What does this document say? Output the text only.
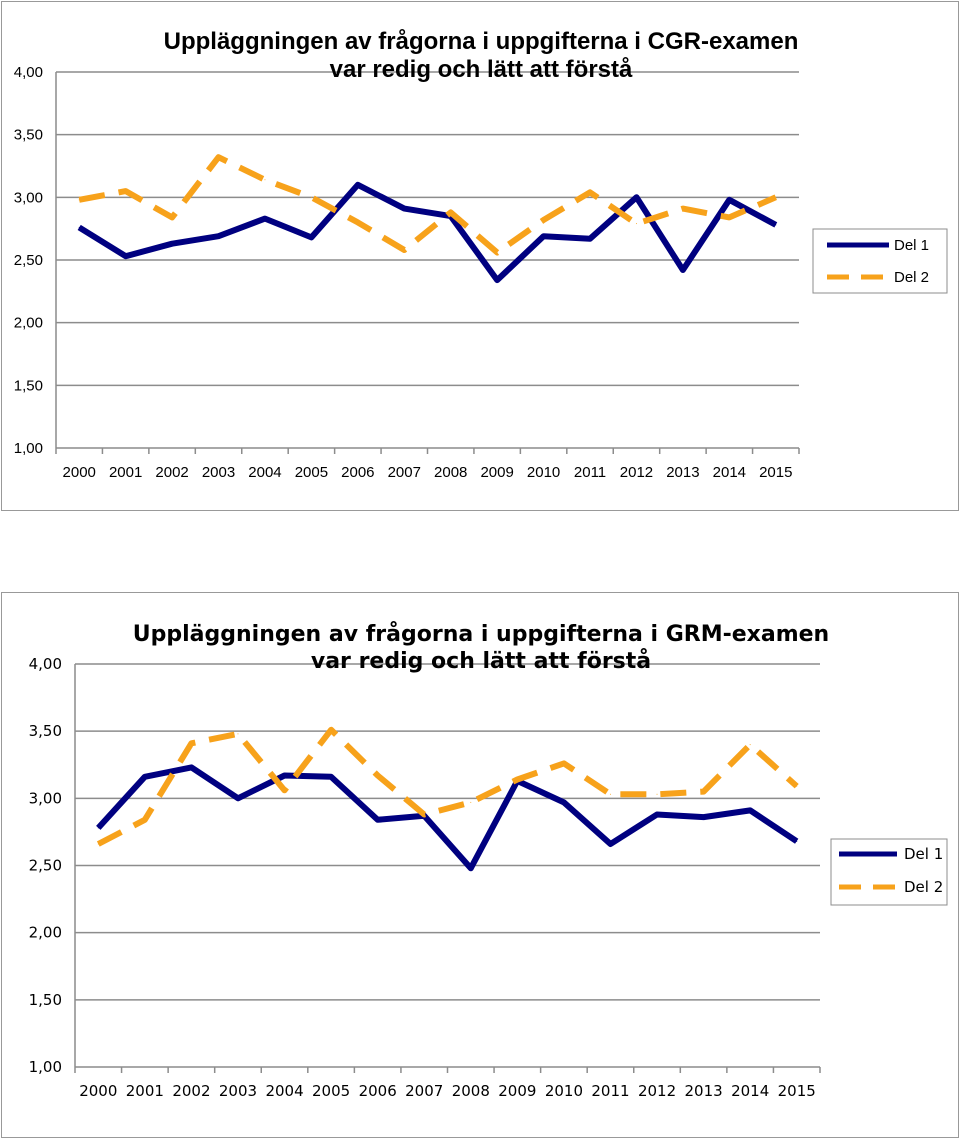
1,00
1,50
2,00
2,50
3,00
3,50
4,00
2000 2001 2002 2003 2004 2005 2006 2007 2008 2009 2010 2011 2012 2013 2014 2015
Uppläggningen av frågorna i uppgifterna i CGR-examen
var redig och lätt att förstå
Del 1
Del 2
1,00
1,50
2,00
2,50
3,00
3,50
4,00
2000 2001 2002 2003 2004 2005 2006 2007 2008 2009 2010 2011 2012 2013 2014 2015
Uppläggningen av frågorna i uppgifterna i GRM-examen
var redig och lätt att förstå
Del 1
Del 2
